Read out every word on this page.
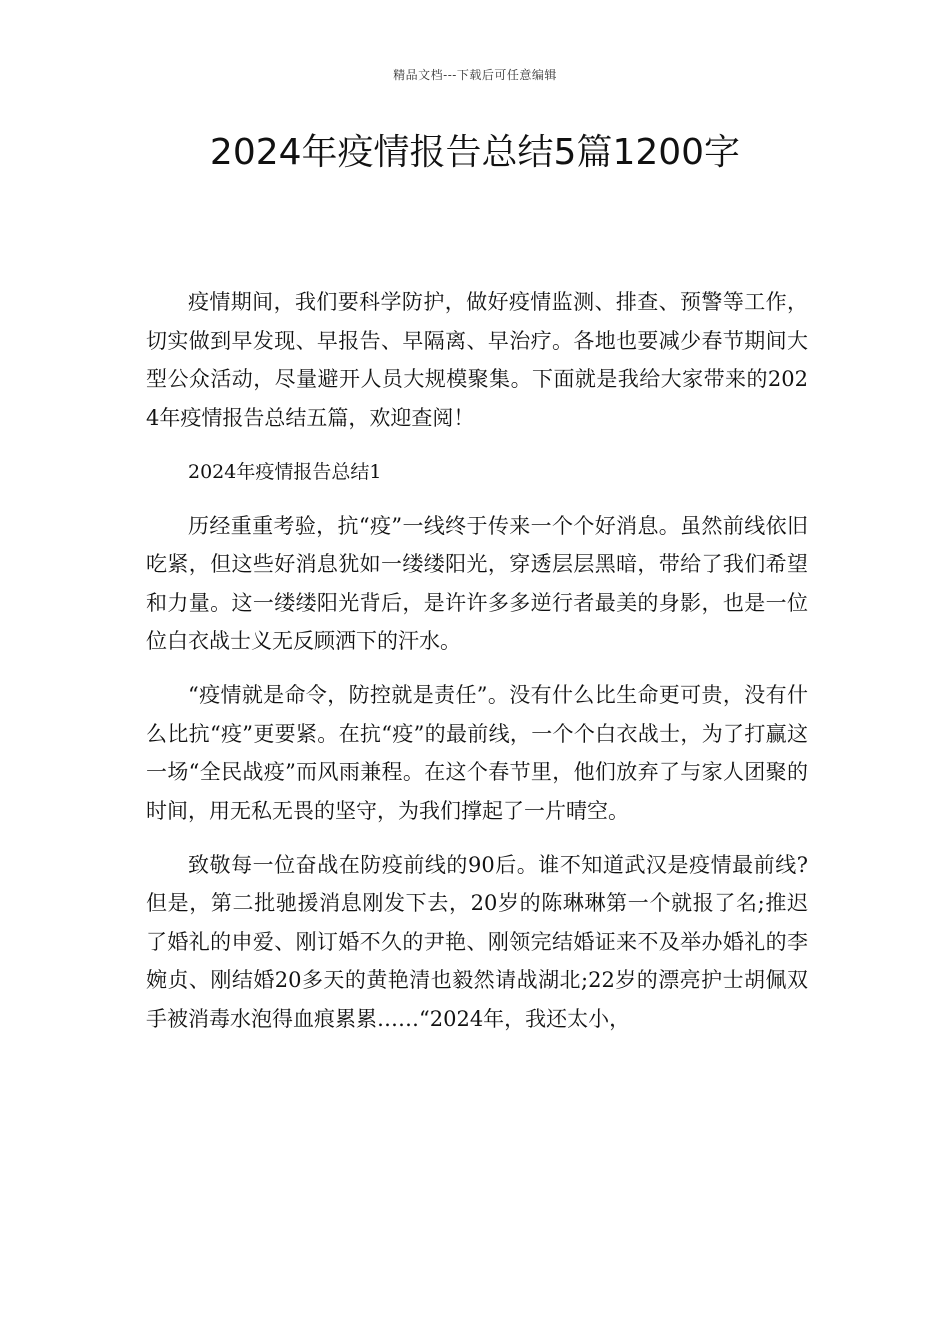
精品文档---下载后可任意编辑
2024年疫情报告总结5篇1200字

疫情期间，我们要科学防护，做好疫情监测、排查、预警等工作，切实做到早发现、早报告、早隔离、早治疗。各地也要减少春节期间大型公众活动，尽量避开人员大规模聚集。下面就是我给大家带来的2024年疫情报告总结五篇，欢迎查阅！

2024年疫情报告总结1

历经重重考验，抗“疫”一线终于传来一个个好消息。虽然前线依旧吃紧，但这些好消息犹如一缕缕阳光，穿透层层黑暗，带给了我们希望和力量。这一缕缕阳光背后，是许许多多逆行者最美的身影，也是一位位白衣战士义无反顾洒下的汗水。

“疫情就是命令，防控就是责任”。没有什么比生命更可贵，没有什么比抗“疫”更要紧。在抗“疫”的最前线，一个个白衣战士，为了打赢这一场“全民战疫”而风雨兼程。在这个春节里，他们放弃了与家人团聚的时间，用无私无畏的坚守，为我们撑起了一片晴空。

致敬每一位奋战在防疫前线的90后。谁不知道武汉是疫情最前线?但是，第二批驰援消息刚发下去，20岁的陈琳琳第一个就报了名;推迟了婚礼的申爱、刚订婚不久的尹艳、刚领完结婚证来不及举办婚礼的李婉贞、刚结婚20多天的黄艳清也毅然请战湖北;22岁的漂亮护士胡佩双手被消毒水泡得血痕累累……“2024年，我还太小，
